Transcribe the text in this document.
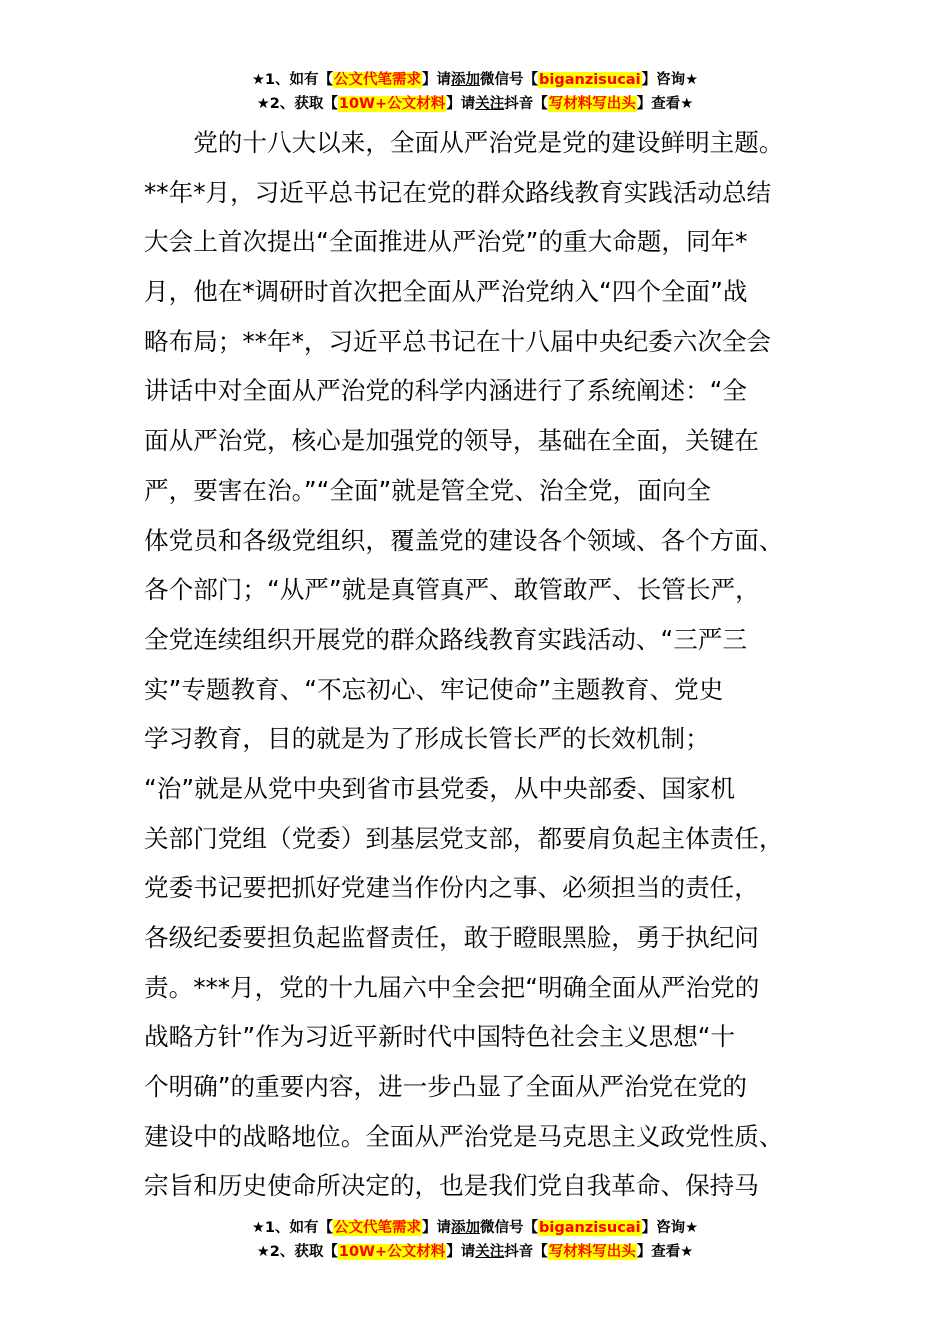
★1、如有【公文代笔需求】请添加微信号【biganzisucai】咨询★
★2、获取【10W+公文材料】请关注抖音【写材料写出头】查看★
　　党的十八大以来，全面从严治党是党的建设鲜明主题。
**年*月，习近平总书记在党的群众路线教育实践活动总结
大会上首次提出“全面推进从严治党”的重大命题，同年*
月，他在*调研时首次把全面从严治党纳入“四个全面”战
略布局；**年*，习近平总书记在十八届中央纪委六次全会
讲话中对全面从严治党的科学内涵进行了系统阐述：“全
面从严治党，核心是加强党的领导，基础在全面，关键在
严，要害在治。”“全面”就是管全党、治全党，面向全
体党员和各级党组织，覆盖党的建设各个领域、各个方面、
各个部门；“从严”就是真管真严、敢管敢严、长管长严，
全党连续组织开展党的群众路线教育实践活动、“三严三
实”专题教育、“不忘初心、牢记使命”主题教育、党史
学习教育，目的就是为了形成长管长严的长效机制；
“治”就是从党中央到省市县党委，从中央部委、国家机
关部门党组（党委）到基层党支部，都要肩负起主体责任，
党委书记要把抓好党建当作份内之事、必须担当的责任，
各级纪委要担负起监督责任，敢于瞪眼黑脸，勇于执纪问
责。***月，党的十九届六中全会把“明确全面从严治党的
战略方针”作为习近平新时代中国特色社会主义思想“十
个明确”的重要内容，进一步凸显了全面从严治党在党的
建设中的战略地位。全面从严治党是马克思主义政党性质、
宗旨和历史使命所决定的，也是我们党自我革命、保持马
★1、如有【公文代笔需求】请添加微信号【biganzisucai】咨询★
★2、获取【10W+公文材料】请关注抖音【写材料写出头】查看★
